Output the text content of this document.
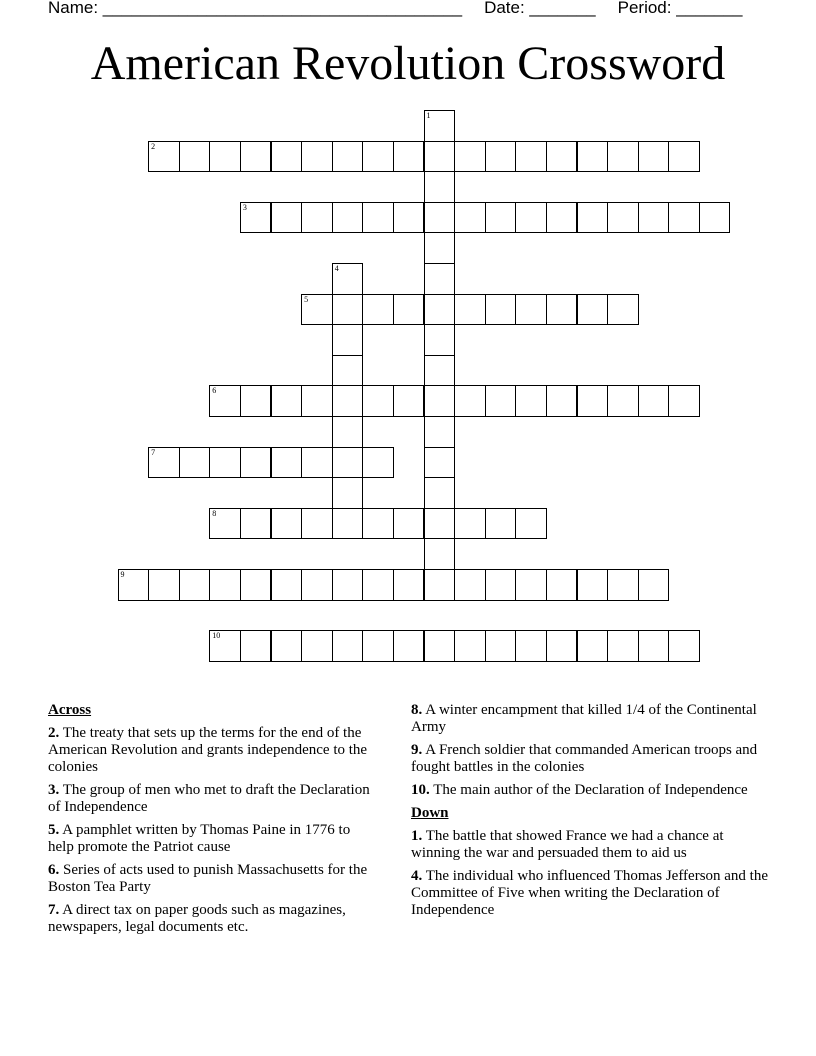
Name: ______________________________________ Date: _______ Period: _______
American Revolution Crossword
1
2
3
4
5
6
7
8
9
10
Across
2. The treaty that sets up the terms for the end of the American Revolution and grants independence to the colonies
3. The group of men who met to draft the Declaration of Independence
5. A pamphlet written by Thomas Paine in 1776 to help promote the Patriot cause
6. Series of acts used to punish Massachusetts for the Boston Tea Party
7. A direct tax on paper goods such as magazines, newspapers, legal documents etc.
8. A winter encampment that killed 1/4 of the Continental Army
9. A French soldier that commanded American troops and fought battles in the colonies
10. The main author of the Declaration of Independence
Down
1. The battle that showed France we had a chance at winning the war and persuaded them to aid us
4. The individual who influenced Thomas Jefferson and the Committee of Five when writing the Declaration of Independence
